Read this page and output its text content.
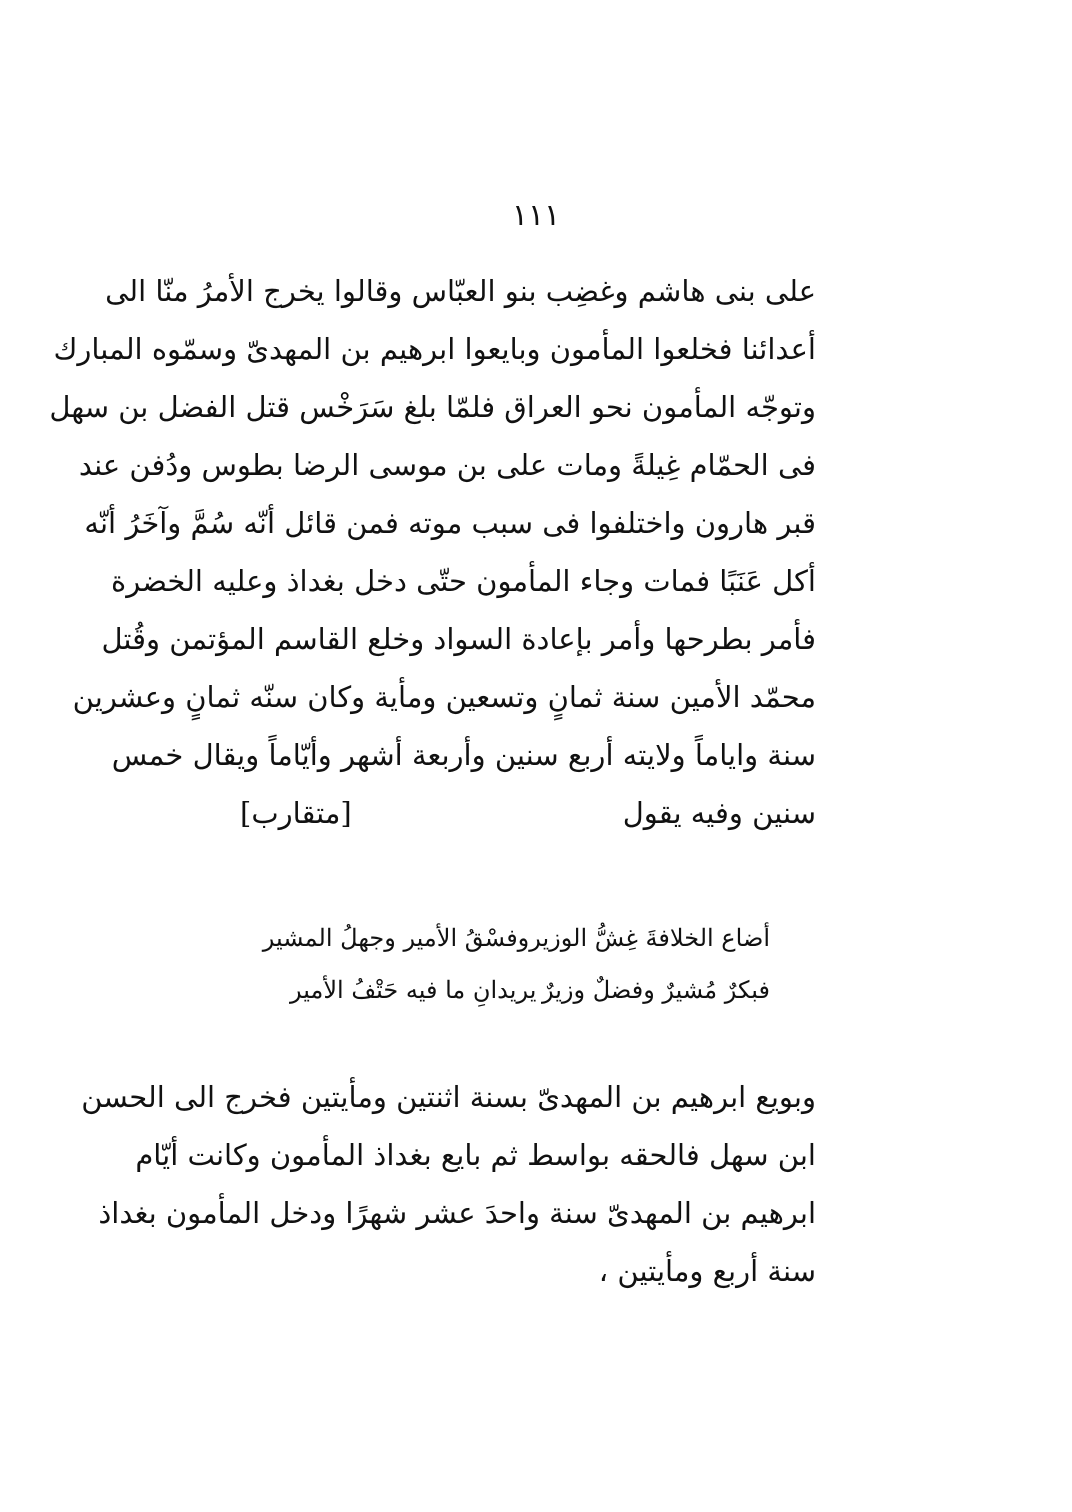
١١١
على بنى هاشم وغضِب بنو العبّاس وقالوا يخرج الأمرُ منّا الى
أعدائنا فخلعوا المأمون وبايعوا ابرهيم بن المهدىّ وسمّوه المبارك
وتوجّه المأمون نحو العراق فلمّا بلغ سَرَخْس قتل الفضل بن سهل
فى الحمّام غِيلةً ومات على بن موسى الرضا بطوس ودُفن عند
قبر هارون واختلفوا فى سبب موته فمن قائل أنّه سُمَّ وآخَرُ أنّه
أكل عَنَبًا فمات وجاء المأمون حتّى دخل بغداذ وعليه الخضرة
فأمر بطرحها وأمر بإعادة السواد وخلع القاسم المؤتمن وقُتل
محمّد الأمين سنة ثمانٍ وتسعين ومأية وكان سنّه ثمانٍ وعشرين
سنة واياماً ولايته أربع سنين وأربعة أشهر وأيّاماً ويقال خمس
سنين وفيه يقول
[متقارب]
أضاع الخلافةَ غِشُّ الوزير
وفسْقُ الأمير وجهلُ المشير
فبكرٌ مُشيرٌ وفضلٌ وزيرٌ
يريدانِ ما فيه حَتْفُ الأمير
وبويع ابرهيم بن المهدىّ بسنة اثنتين ومأيتين فخرج الى الحسن
ابن سهل فالحقه بواسط ثم بايع بغداذ المأمون وكانت أيّام
ابرهيم بن المهدىّ سنة واحدَ عشر شهرًا ودخل المأمون بغداذ
سنة أربع ومأيتين ،
